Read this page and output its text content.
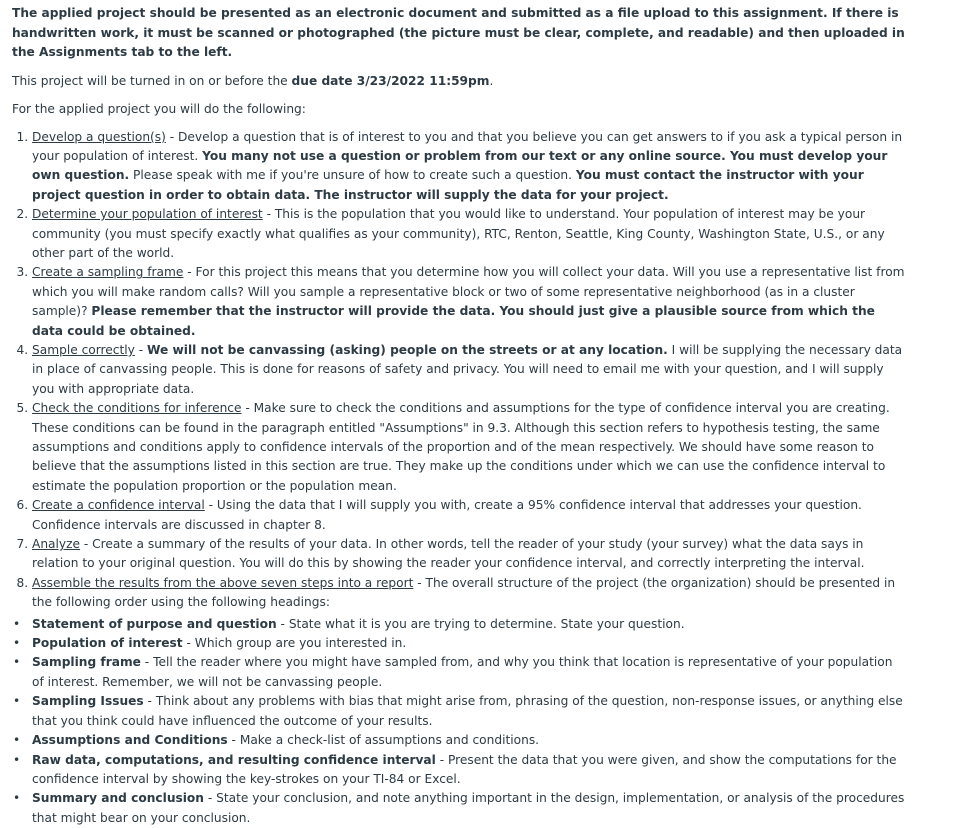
The applied project should be presented as an electronic document and submitted as a file upload to this assignment. If there is handwritten work, it must be scanned or photographed (the picture must be clear, complete, and readable) and then uploaded in the Assignments tab to the left.

This project will be turned in on or before the due date 3/23/2022 11:59pm.

For the applied project you will do the following:

1. Develop a question(s) - Develop a question that is of interest to you and that you believe you can get answers to if you ask a typical person in your population of interest. You many not use a question or problem from our text or any online source. You must develop your own question. Please speak with me if you're unsure of how to create such a question. You must contact the instructor with your project question in order to obtain data. The instructor will supply the data for your project.
2. Determine your population of interest - This is the population that you would like to understand. Your population of interest may be your community (you must specify exactly what qualifies as your community), RTC, Renton, Seattle, King County, Washington State, U.S., or any other part of the world.
3. Create a sampling frame - For this project this means that you determine how you will collect your data. Will you use a representative list from which you will make random calls? Will you sample a representative block or two of some representative neighborhood (as in a cluster sample)? Please remember that the instructor will provide the data. You should just give a plausible source from which the data could be obtained.
4. Sample correctly - We will not be canvassing (asking) people on the streets or at any location. I will be supplying the necessary data in place of canvassing people. This is done for reasons of safety and privacy. You will need to email me with your question, and I will supply you with appropriate data.
5. Check the conditions for inference - Make sure to check the conditions and assumptions for the type of confidence interval you are creating. These conditions can be found in the paragraph entitled "Assumptions" in 9.3. Although this section refers to hypothesis testing, the same assumptions and conditions apply to confidence intervals of the proportion and of the mean respectively. We should have some reason to believe that the assumptions listed in this section are true. They make up the conditions under which we can use the confidence interval to estimate the population proportion or the population mean.
6. Create a confidence interval - Using the data that I will supply you with, create a 95% confidence interval that addresses your question. Confidence intervals are discussed in chapter 8.
7. Analyze - Create a summary of the results of your data. In other words, tell the reader of your study (your survey) what the data says in relation to your original question. You will do this by showing the reader your confidence interval, and correctly interpreting the interval.
8. Assemble the results from the above seven steps into a report - The overall structure of the project (the organization) should be presented in the following order using the following headings:
• Statement of purpose and question - State what it is you are trying to determine. State your question.
• Population of interest - Which group are you interested in.
• Sampling frame - Tell the reader where you might have sampled from, and why you think that location is representative of your population of interest. Remember, we will not be canvassing people.
• Sampling Issues - Think about any problems with bias that might arise from, phrasing of the question, non-response issues, or anything else that you think could have influenced the outcome of your results.
• Assumptions and Conditions - Make a check-list of assumptions and conditions.
• Raw data, computations, and resulting confidence interval - Present the data that you were given, and show the computations for the confidence interval by showing the key-strokes on your TI-84 or Excel.
• Summary and conclusion - State your conclusion, and note anything important in the design, implementation, or analysis of the procedures that might bear on your conclusion.
